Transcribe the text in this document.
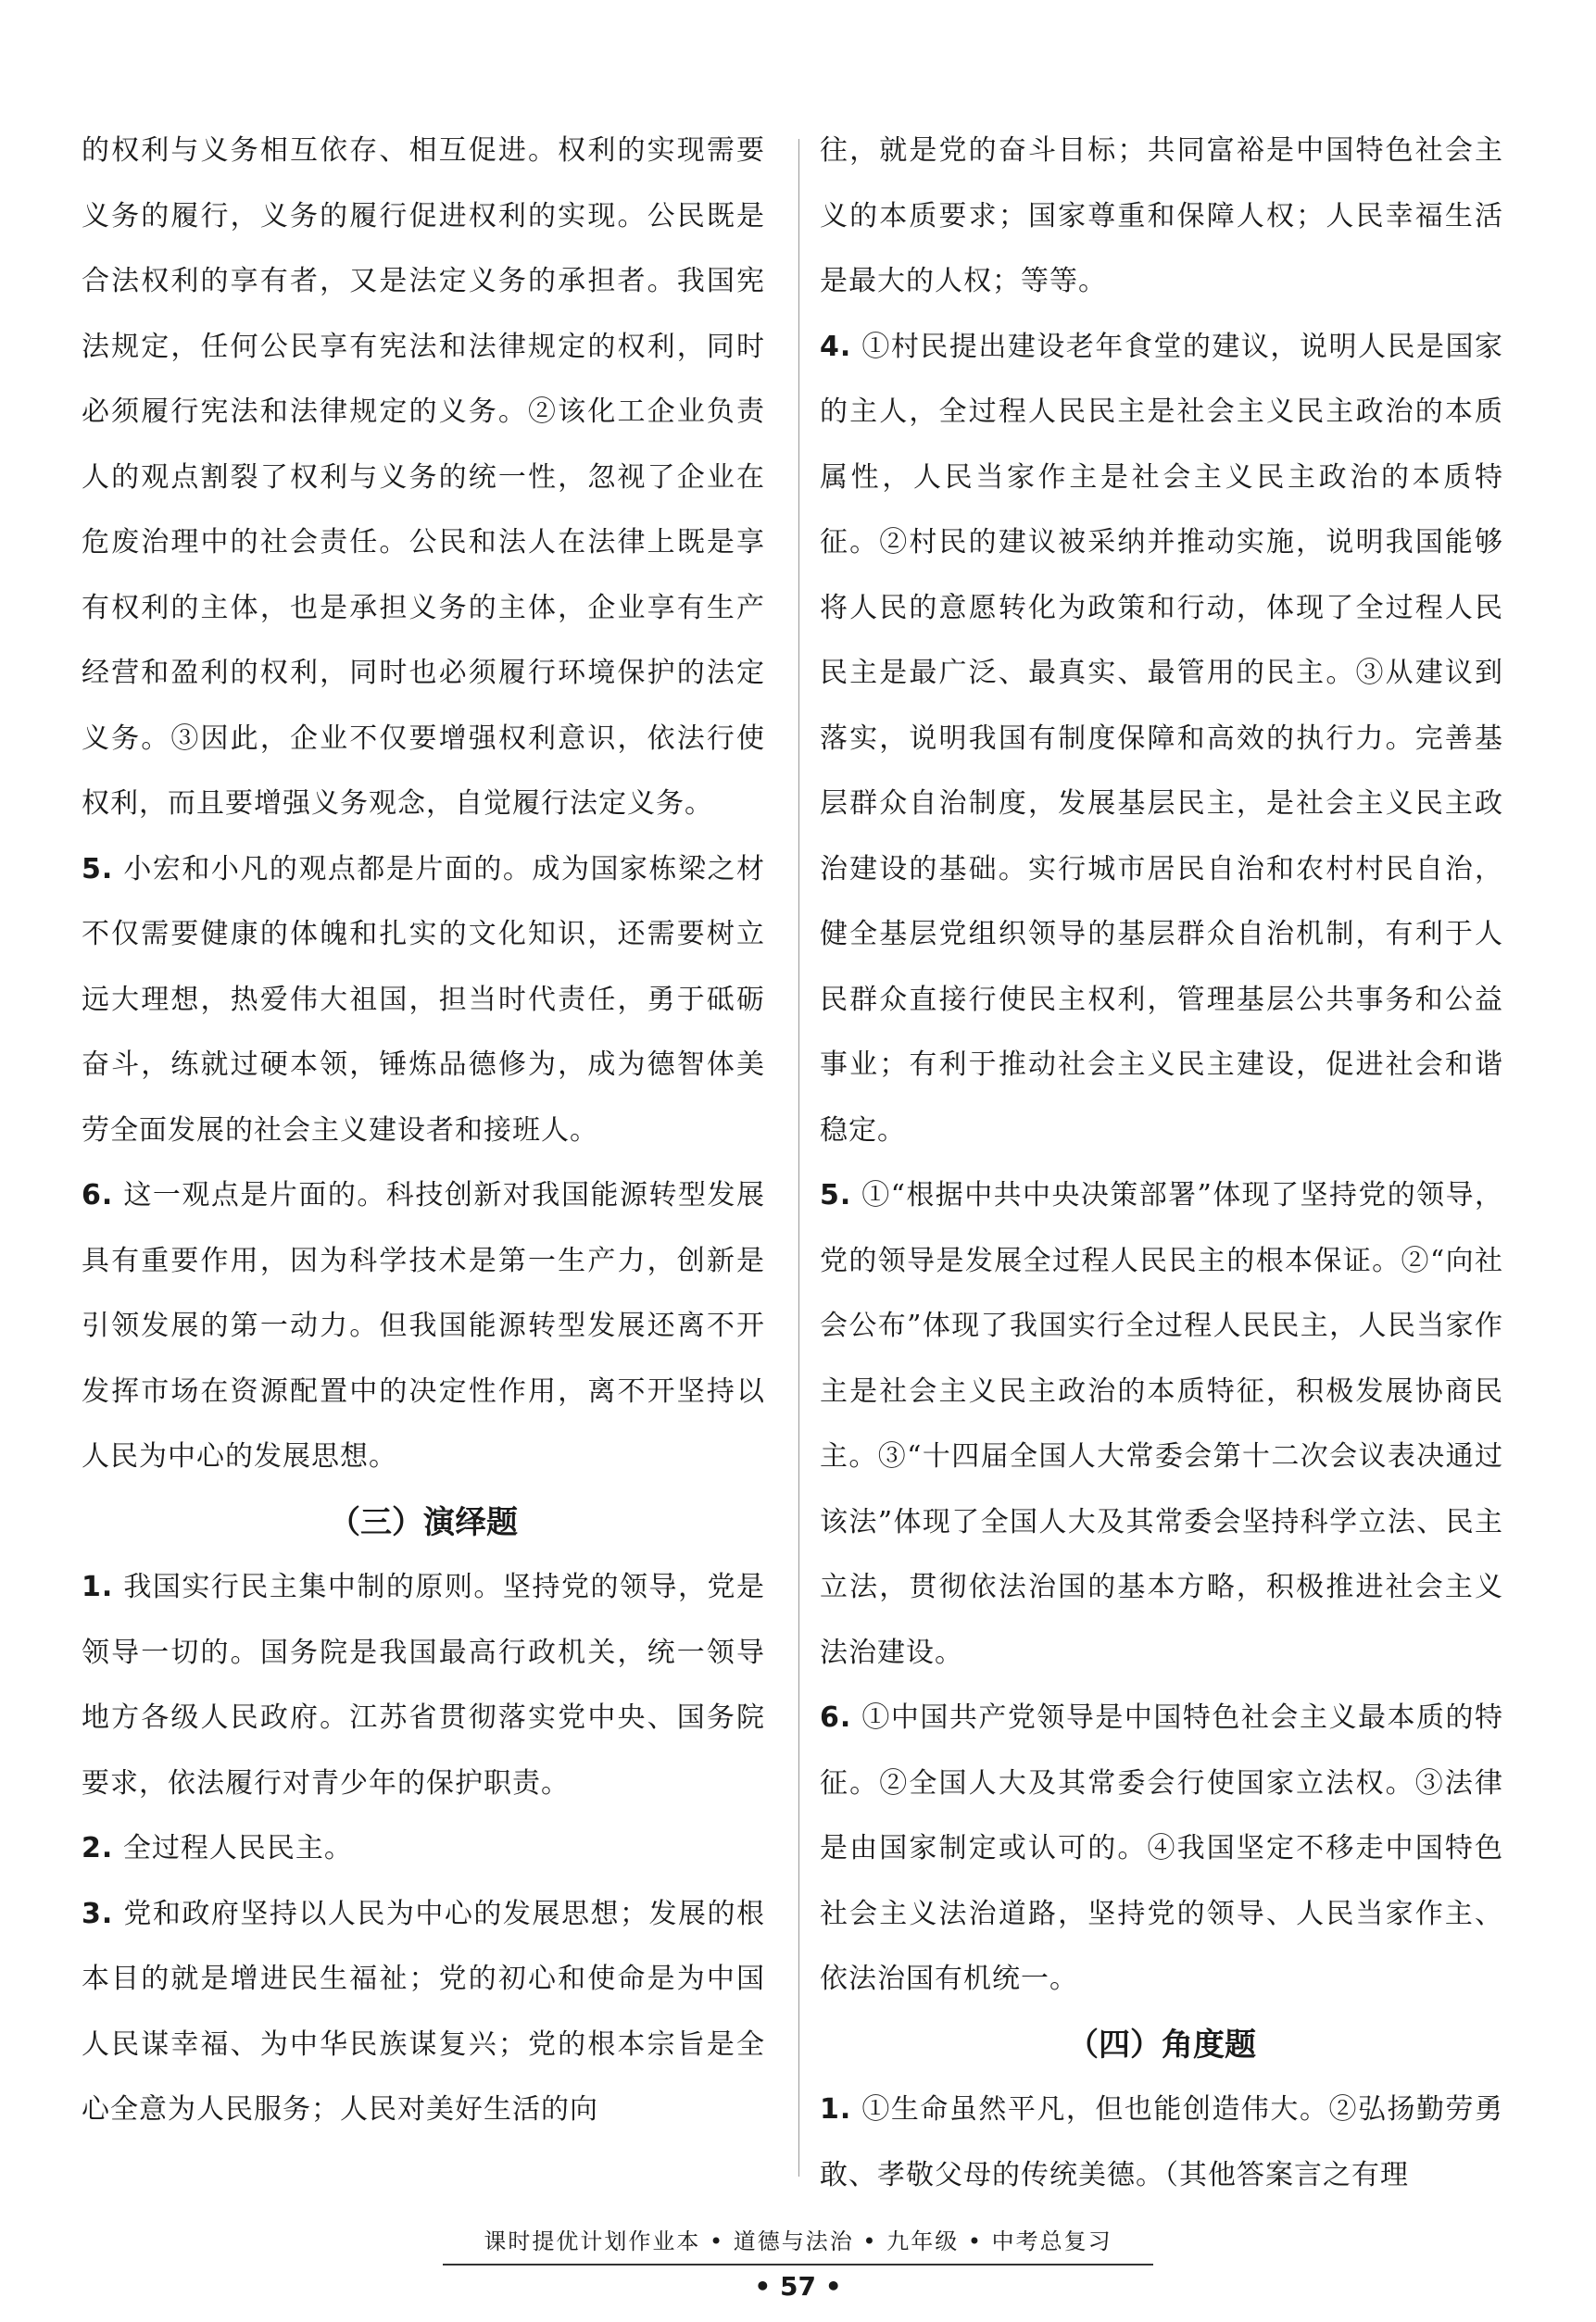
的权利与义务相互依存、相互促进。权利的实现需要义务的履行，义务的履行促进权利的实现。公民既是合法权利的享有者，又是法定义务的承担者。我国宪法规定，任何公民享有宪法和法律规定的权利，同时必须履行宪法和法律规定的义务。②该化工企业负责人的观点割裂了权利与义务的统一性，忽视了企业在危废治理中的社会责任。公民和法人在法律上既是享有权利的主体，也是承担义务的主体，企业享有生产经营和盈利的权利，同时也必须履行环境保护的法定义务。③因此，企业不仅要增强权利意识，依法行使权利，而且要增强义务观念，自觉履行法定义务。

5. 小宏和小凡的观点都是片面的。成为国家栋梁之材不仅需要健康的体魄和扎实的文化知识，还需要树立远大理想，热爱伟大祖国，担当时代责任，勇于砥砺奋斗，练就过硬本领，锤炼品德修为，成为德智体美劳全面发展的社会主义建设者和接班人。

6. 这一观点是片面的。科技创新对我国能源转型发展具有重要作用，因为科学技术是第一生产力，创新是引领发展的第一动力。但我国能源转型发展还离不开发挥市场在资源配置中的决定性作用，离不开坚持以人民为中心的发展思想。

（三）演绎题

1. 我国实行民主集中制的原则。坚持党的领导，党是领导一切的。国务院是我国最高行政机关，统一领导地方各级人民政府。江苏省贯彻落实党中央、国务院要求，依法履行对青少年的保护职责。

2. 全过程人民民主。

3. 党和政府坚持以人民为中心的发展思想；发展的根本目的就是增进民生福祉；党的初心和使命是为中国人民谋幸福、为中华民族谋复兴；党的根本宗旨是全心全意为人民服务；人民对美好生活的向

往，就是党的奋斗目标；共同富裕是中国特色社会主义的本质要求；国家尊重和保障人权；人民幸福生活是最大的人权；等等。

4. ①村民提出建设老年食堂的建议，说明人民是国家的主人，全过程人民民主是社会主义民主政治的本质属性，人民当家作主是社会主义民主政治的本质特征。②村民的建议被采纳并推动实施，说明我国能够将人民的意愿转化为政策和行动，体现了全过程人民民主是最广泛、最真实、最管用的民主。③从建议到落实，说明我国有制度保障和高效的执行力。完善基层群众自治制度，发展基层民主，是社会主义民主政治建设的基础。实行城市居民自治和农村村民自治，健全基层党组织领导的基层群众自治机制，有利于人民群众直接行使民主权利，管理基层公共事务和公益事业；有利于推动社会主义民主建设，促进社会和谐稳定。

5. ①“根据中共中央决策部署”体现了坚持党的领导，党的领导是发展全过程人民民主的根本保证。②“向社会公布”体现了我国实行全过程人民民主，人民当家作主是社会主义民主政治的本质特征，积极发展协商民主。③“十四届全国人大常委会第十二次会议表决通过该法”体现了全国人大及其常委会坚持科学立法、民主立法，贯彻依法治国的基本方略，积极推进社会主义法治建设。

6. ①中国共产党领导是中国特色社会主义最本质的特征。②全国人大及其常委会行使国家立法权。③法律是由国家制定或认可的。④我国坚定不移走中国特色社会主义法治道路，坚持党的领导、人民当家作主、依法治国有机统一。

（四）角度题

1. ①生命虽然平凡，但也能创造伟大。②弘扬勤劳勇敢、孝敬父母的传统美德。（其他答案言之有理

课时提优计划作业本 • 道德与法治 • 九年级 • 中考总复习
• 57 •
